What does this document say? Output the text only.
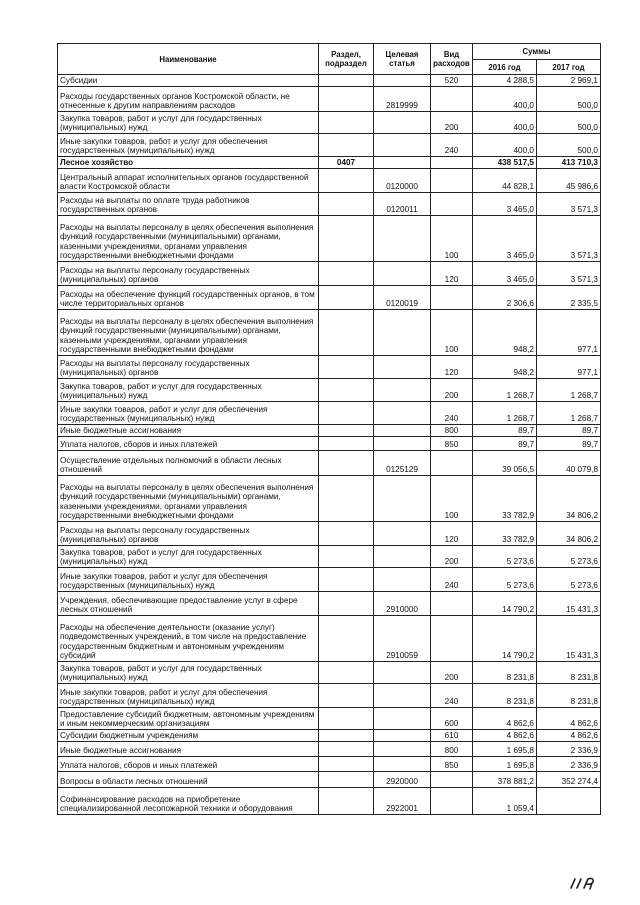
Наименование	Раздел, подраздел	Целевая статья	Вид расходов	Суммы	
				2016 год	2017 год
Субсидии			520	4 288,5	2 969,1
Расходы государственных органов Костромской области, не отнесенные к другим направлениям расходов		2819999		400,0	500,0
Закупка товаров, работ и услуг для государственных (муниципальных) нужд			200	400,0	500,0
Иные закупки товаров, работ и услуг для обеспечения государственных (муниципальных) нужд			240	400,0	500,0
Лесное хозяйство	0407			438 517,5	413 710,3
Центральный аппарат исполнительных органов государственной власти Костромской области		0120000		44 828,1	45 986,6
Расходы на выплаты по оплате труда работников государственных органов		0120011		3 465,0	3 571,3
Расходы на выплаты персоналу в целях обеспечения выполнения функций государственными (муниципальными) органами, казенными учреждениями, органами управления государственными внебюджетными фондами			100	3 465,0	3 571,3
Расходы на выплаты персоналу государственных (муниципальных) органов			120	3 465,0	3 571,3
Расходы на обеспечение функций государственных органов, в том числе территориальных органов		0120019		2 306,6	2 335,5
Расходы на выплаты персоналу в целях обеспечения выполнения функций государственными (муниципальными) органами, казенными учреждениями, органами управления государственными внебюджетными фондами			100	948,2	977,1
Расходы на выплаты персоналу государственных (муниципальных) органов			120	948,2	977,1
Закупка товаров, работ и услуг для государственных (муниципальных) нужд			200	1 268,7	1 268,7
Иные закупки товаров, работ и услуг для обеспечения государственных (муниципальных) нужд			240	1 268,7	1 268,7
Иные бюджетные ассигнования			800	89,7	89,7
Уплата налогов, сборов и иных платежей			850	89,7	89,7
Осуществление отдельных полномочий в области лесных отношений		0125129		39 056,5	40 079,8
Расходы на выплаты персоналу в целях обеспечения выполнения функций государственными (муниципальными) органами, казенными учреждениями, органами управления государственными внебюджетными фондами			100	33 782,9	34 806,2
Расходы на выплаты персоналу государственных (муниципальных) органов			120	33 782,9	34 806,2
Закупка товаров, работ и услуг для государственных (муниципальных) нужд			200	5 273,6	5 273,6
Иные закупки товаров, работ и услуг для обеспечения государственных (муниципальных) нужд			240	5 273,6	5 273,6
Учреждения, обеспечивающие предоставление услуг в сфере лесных отношений		2910000		14 790,2	15 431,3
Расходы на обеспечение деятельности (оказание услуг) подведомственных учреждений, в том числе на предоставление государственным бюджетным и автономным учреждениям субсидий		2910059		14 790,2	15 431,3
Закупка товаров, работ и услуг для государственных (муниципальных) нужд			200	8 231,8	8 231,8
Иные закупки товаров, работ и услуг для обеспечения государственных (муниципальных) нужд			240	8 231,8	8 231,8
Предоставление субсидий бюджетным, автономным учреждениям и иным некоммерческим организациям			600	4 862,6	4 862,6
Субсидии бюджетным учреждениям			610	4 862,6	4 862,6
Иные бюджетные ассигнования			800	1 695,8	2 336,9
Уплата налогов, сборов и иных платежей			850	1 695,8	2 336,9
Вопросы в области лесных отношений		2920000		378 881,2	352 274,4
Софинансирование расходов на приобретение специализированной лесопожарной техники и оборудования		2922001		1 059,4	
